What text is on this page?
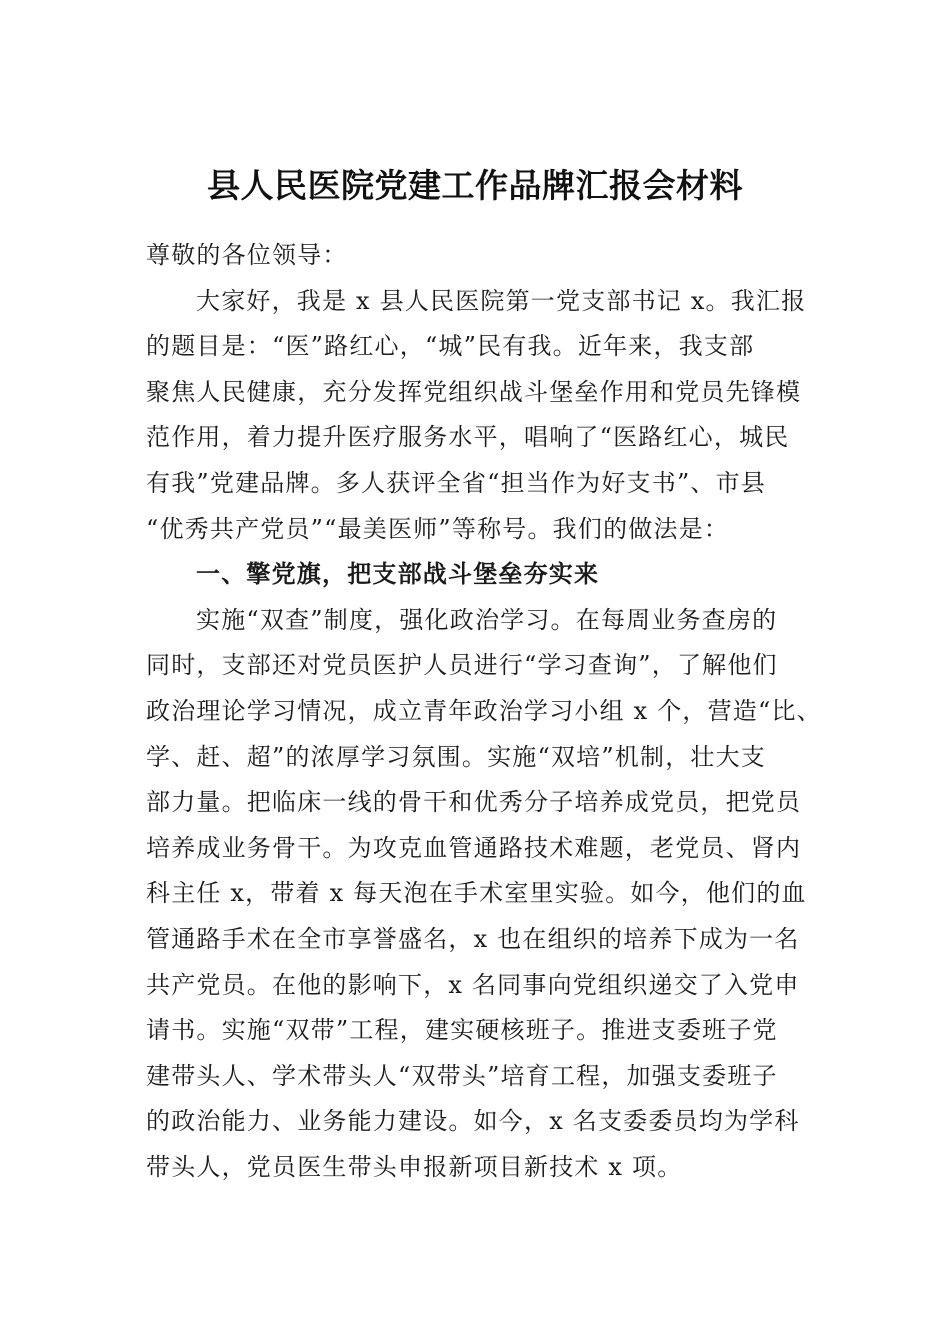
县人民医院党建工作品牌汇报会材料
尊敬的各位领导：
大家好，我是 x 县人民医院第一党支部书记 x。我汇报
的题目是：“医”路红心，“城”民有我。近年来，我支部
聚焦人民健康，充分发挥党组织战斗堡垒作用和党员先锋模
范作用，着力提升医疗服务水平，唱响了“医路红心，城民
有我”党建品牌。多人获评全省“担当作为好支书”、市县
“优秀共产党员”“最美医师”等称号。我们的做法是：
一、擎党旗，把支部战斗堡垒夯实来
实施“双查”制度，强化政治学习。在每周业务查房的
同时，支部还对党员医护人员进行“学习查询”，了解他们
政治理论学习情况，成立青年政治学习小组 x 个，营造“比、
学、赶、超”的浓厚学习氛围。实施“双培”机制，壮大支
部力量。把临床一线的骨干和优秀分子培养成党员，把党员
培养成业务骨干。为攻克血管通路技术难题，老党员、肾内
科主任 x，带着 x 每天泡在手术室里实验。如今，他们的血
管通路手术在全市享誉盛名，x 也在组织的培养下成为一名
共产党员。在他的影响下，x 名同事向党组织递交了入党申
请书。实施“双带”工程，建实硬核班子。推进支委班子党
建带头人、学术带头人“双带头”培育工程，加强支委班子
的政治能力、业务能力建设。如今，x 名支委委员均为学科
带头人，党员医生带头申报新项目新技术 x 项。
